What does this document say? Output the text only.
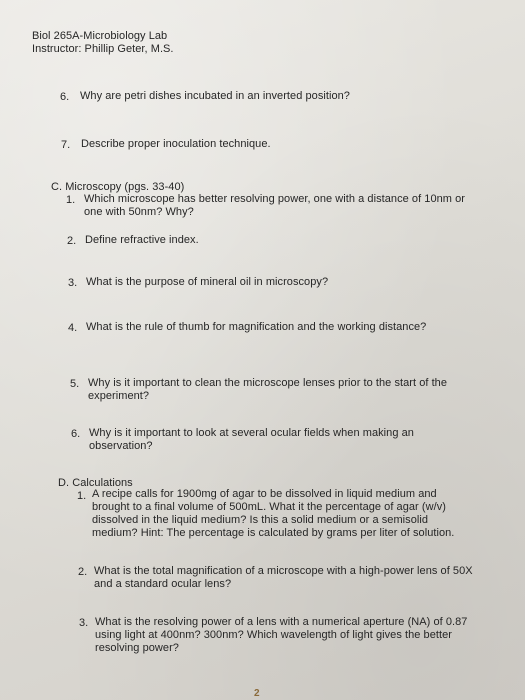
Biol 265A-Microbiology Lab
Instructor: Phillip Geter, M.S.
6. Why are petri dishes incubated in an inverted position?
7. Describe proper inoculation technique.
C. Microscopy (pgs. 33-40)
1. Which microscope has better resolving power, one with a distance of 10nm or
one with 50nm? Why?
2. Define refractive index.
3. What is the purpose of mineral oil in microscopy?
4. What is the rule of thumb for magnification and the working distance?
5. Why is it important to clean the microscope lenses prior to the start of the
experiment?
6. Why is it important to look at several ocular fields when making an
observation?
D. Calculations
1. A recipe calls for 1900mg of agar to be dissolved in liquid medium and
brought to a final volume of 500mL. What it the percentage of agar (w/v)
dissolved in the liquid medium? Is this a solid medium or a semisolid
medium? Hint: The percentage is calculated by grams per liter of solution.
2. What is the total magnification of a microscope with a high-power lens of 50X
and a standard ocular lens?
3. What is the resolving power of a lens with a numerical aperture (NA) of 0.87
using light at 400nm? 300nm? Which wavelength of light gives the better
resolving power?
2
